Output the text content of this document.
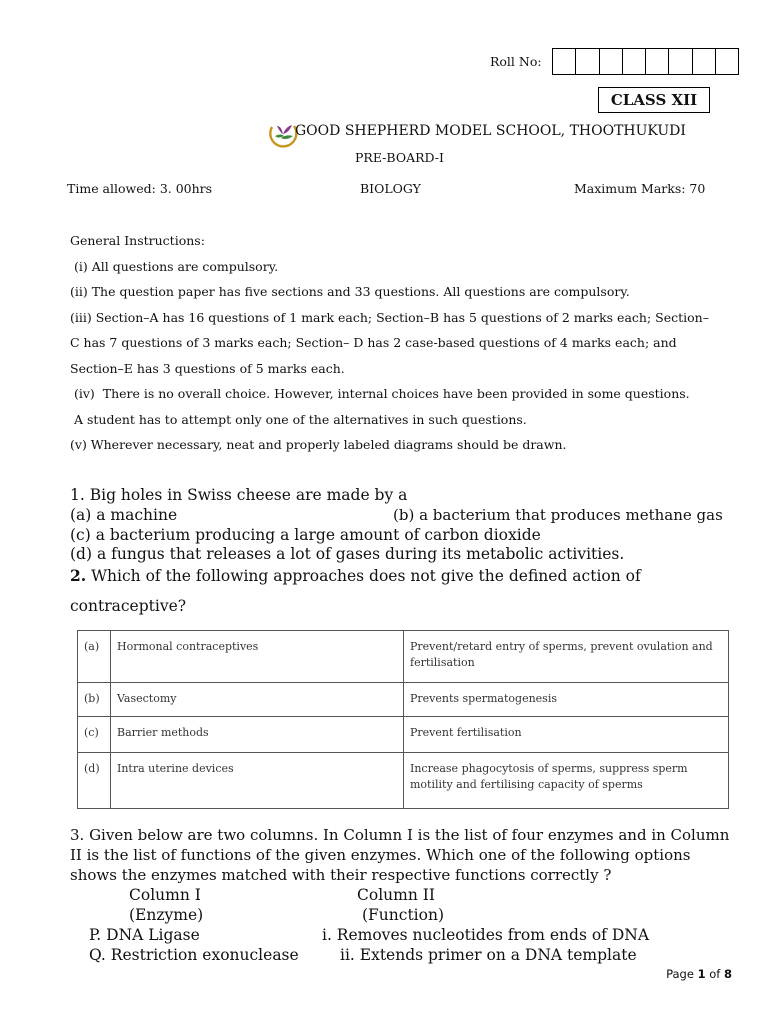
Roll No:
CLASS XII
GOOD SHEPHERD MODEL SCHOOL, THOOTHUKUDI
PRE-BOARD-I
Time allowed: 3. 00hrs	BIOLOGY	Maximum Marks: 70
General Instructions:
(i) All questions are compulsory.
(ii) The question paper has five sections and 33 questions. All questions are compulsory.
(iii) Section–A has 16 questions of 1 mark each; Section–B has 5 questions of 2 marks each; Section–
C has 7 questions of 3 marks each; Section– D has 2 case-based questions of 4 marks each; and
Section–E has 3 questions of 5 marks each.
(iv)  There is no overall choice. However, internal choices have been provided in some questions.
A student has to attempt only one of the alternatives in such questions.
(v) Wherever necessary, neat and properly labeled diagrams should be drawn.
1. Big holes in Swiss cheese are made by a
(a) a machine	(b) a bacterium that produces methane gas
(c) a bacterium producing a large amount of carbon dioxide
(d) a fungus that releases a lot of gases during its metabolic activities.
2. Which of the following approaches does not give the defined action of
contraceptive?
(a)	Hormonal contraceptives	Prevent/retard entry of sperms, prevent ovulation and fertilisation
(b)	Vasectomy	Prevents spermatogenesis
(c)	Barrier methods	Prevent fertilisation
(d)	Intra uterine devices	Increase phagocytosis of sperms, suppress sperm motility and fertilising capacity of sperms
3. Given below are two columns. In Column I is the list of four enzymes and in Column
II is the list of functions of the given enzymes. Which one of the following options
shows the enzymes matched with their respective functions correctly ?
Column I	Column II
(Enzyme)	(Function)
P. DNA Ligase	i. Removes nucleotides from ends of DNA
Q. Restriction exonuclease	ii. Extends primer on a DNA template
Page 1 of 8
